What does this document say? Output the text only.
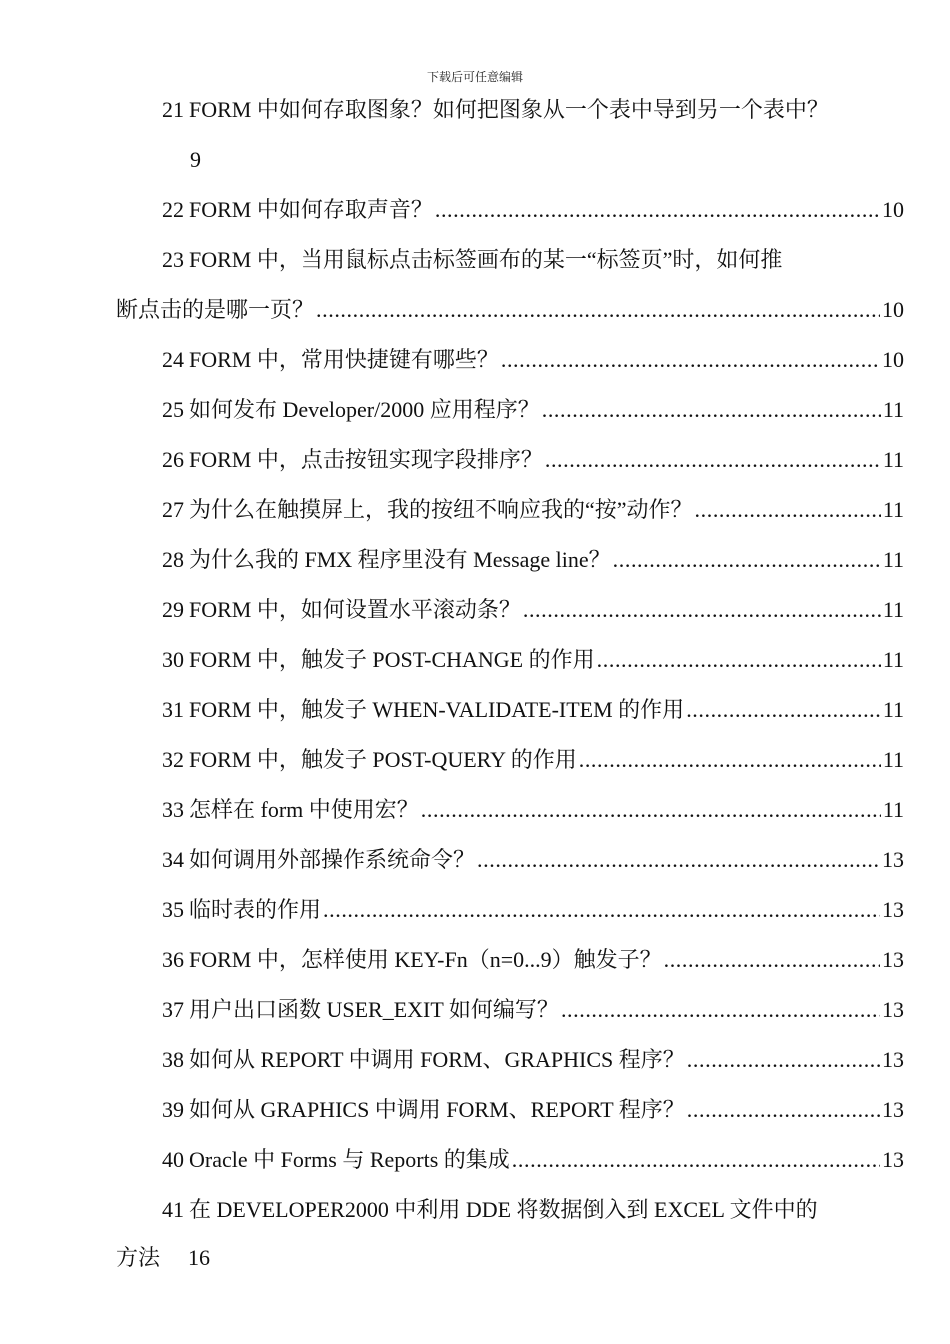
下载后可任意编辑
21 FORM 中如何存取图象？如何把图象从一个表中导到另一个表中？
9
22 FORM 中如何存取声音？ .....	10
23 FORM 中，当用鼠标点击标签画布的某一“标签页”时，如何推
断点击的是哪一页？ .....	10
24 FORM 中，常用快捷键有哪些？ .....	10
25 如何发布 Developer/2000 应用程序？ .....	11
26 FORM 中，点击按钮实现字段排序？ .....	11
27 为什么在触摸屏上，我的按纽不响应我的“按”动作？ .....	11
28 为什么我的 FMX 程序里没有 Message line？ .....	11
29 FORM 中，如何设置水平滚动条？ .....	11
30 FORM 中，触发子 POST-CHANGE 的作用 .....	11
31 FORM 中，触发子 WHEN-VALIDATE-ITEM 的作用 .....	11
32 FORM 中，触发子 POST-QUERY 的作用 .....	11
33 怎样在 form 中使用宏？ .....	11
34 如何调用外部操作系统命令？ .....	13
35 临时表的作用 .....	13
36 FORM 中，怎样使用 KEY-Fn（n=0...9）触发子？ .....	13
37 用户出口函数 USER_EXIT 如何编写？ .....	13
38 如何从 REPORT 中调用 FORM、GRAPHICS 程序？ .....	13
39 如何从 GRAPHICS 中调用 FORM、REPORT 程序？ .....	13
40 Oracle 中 Forms 与 Reports 的集成 .....	13
41 在 DEVELOPER2000 中利用 DDE 将数据倒入到 EXCEL 文件中的
方法 16
